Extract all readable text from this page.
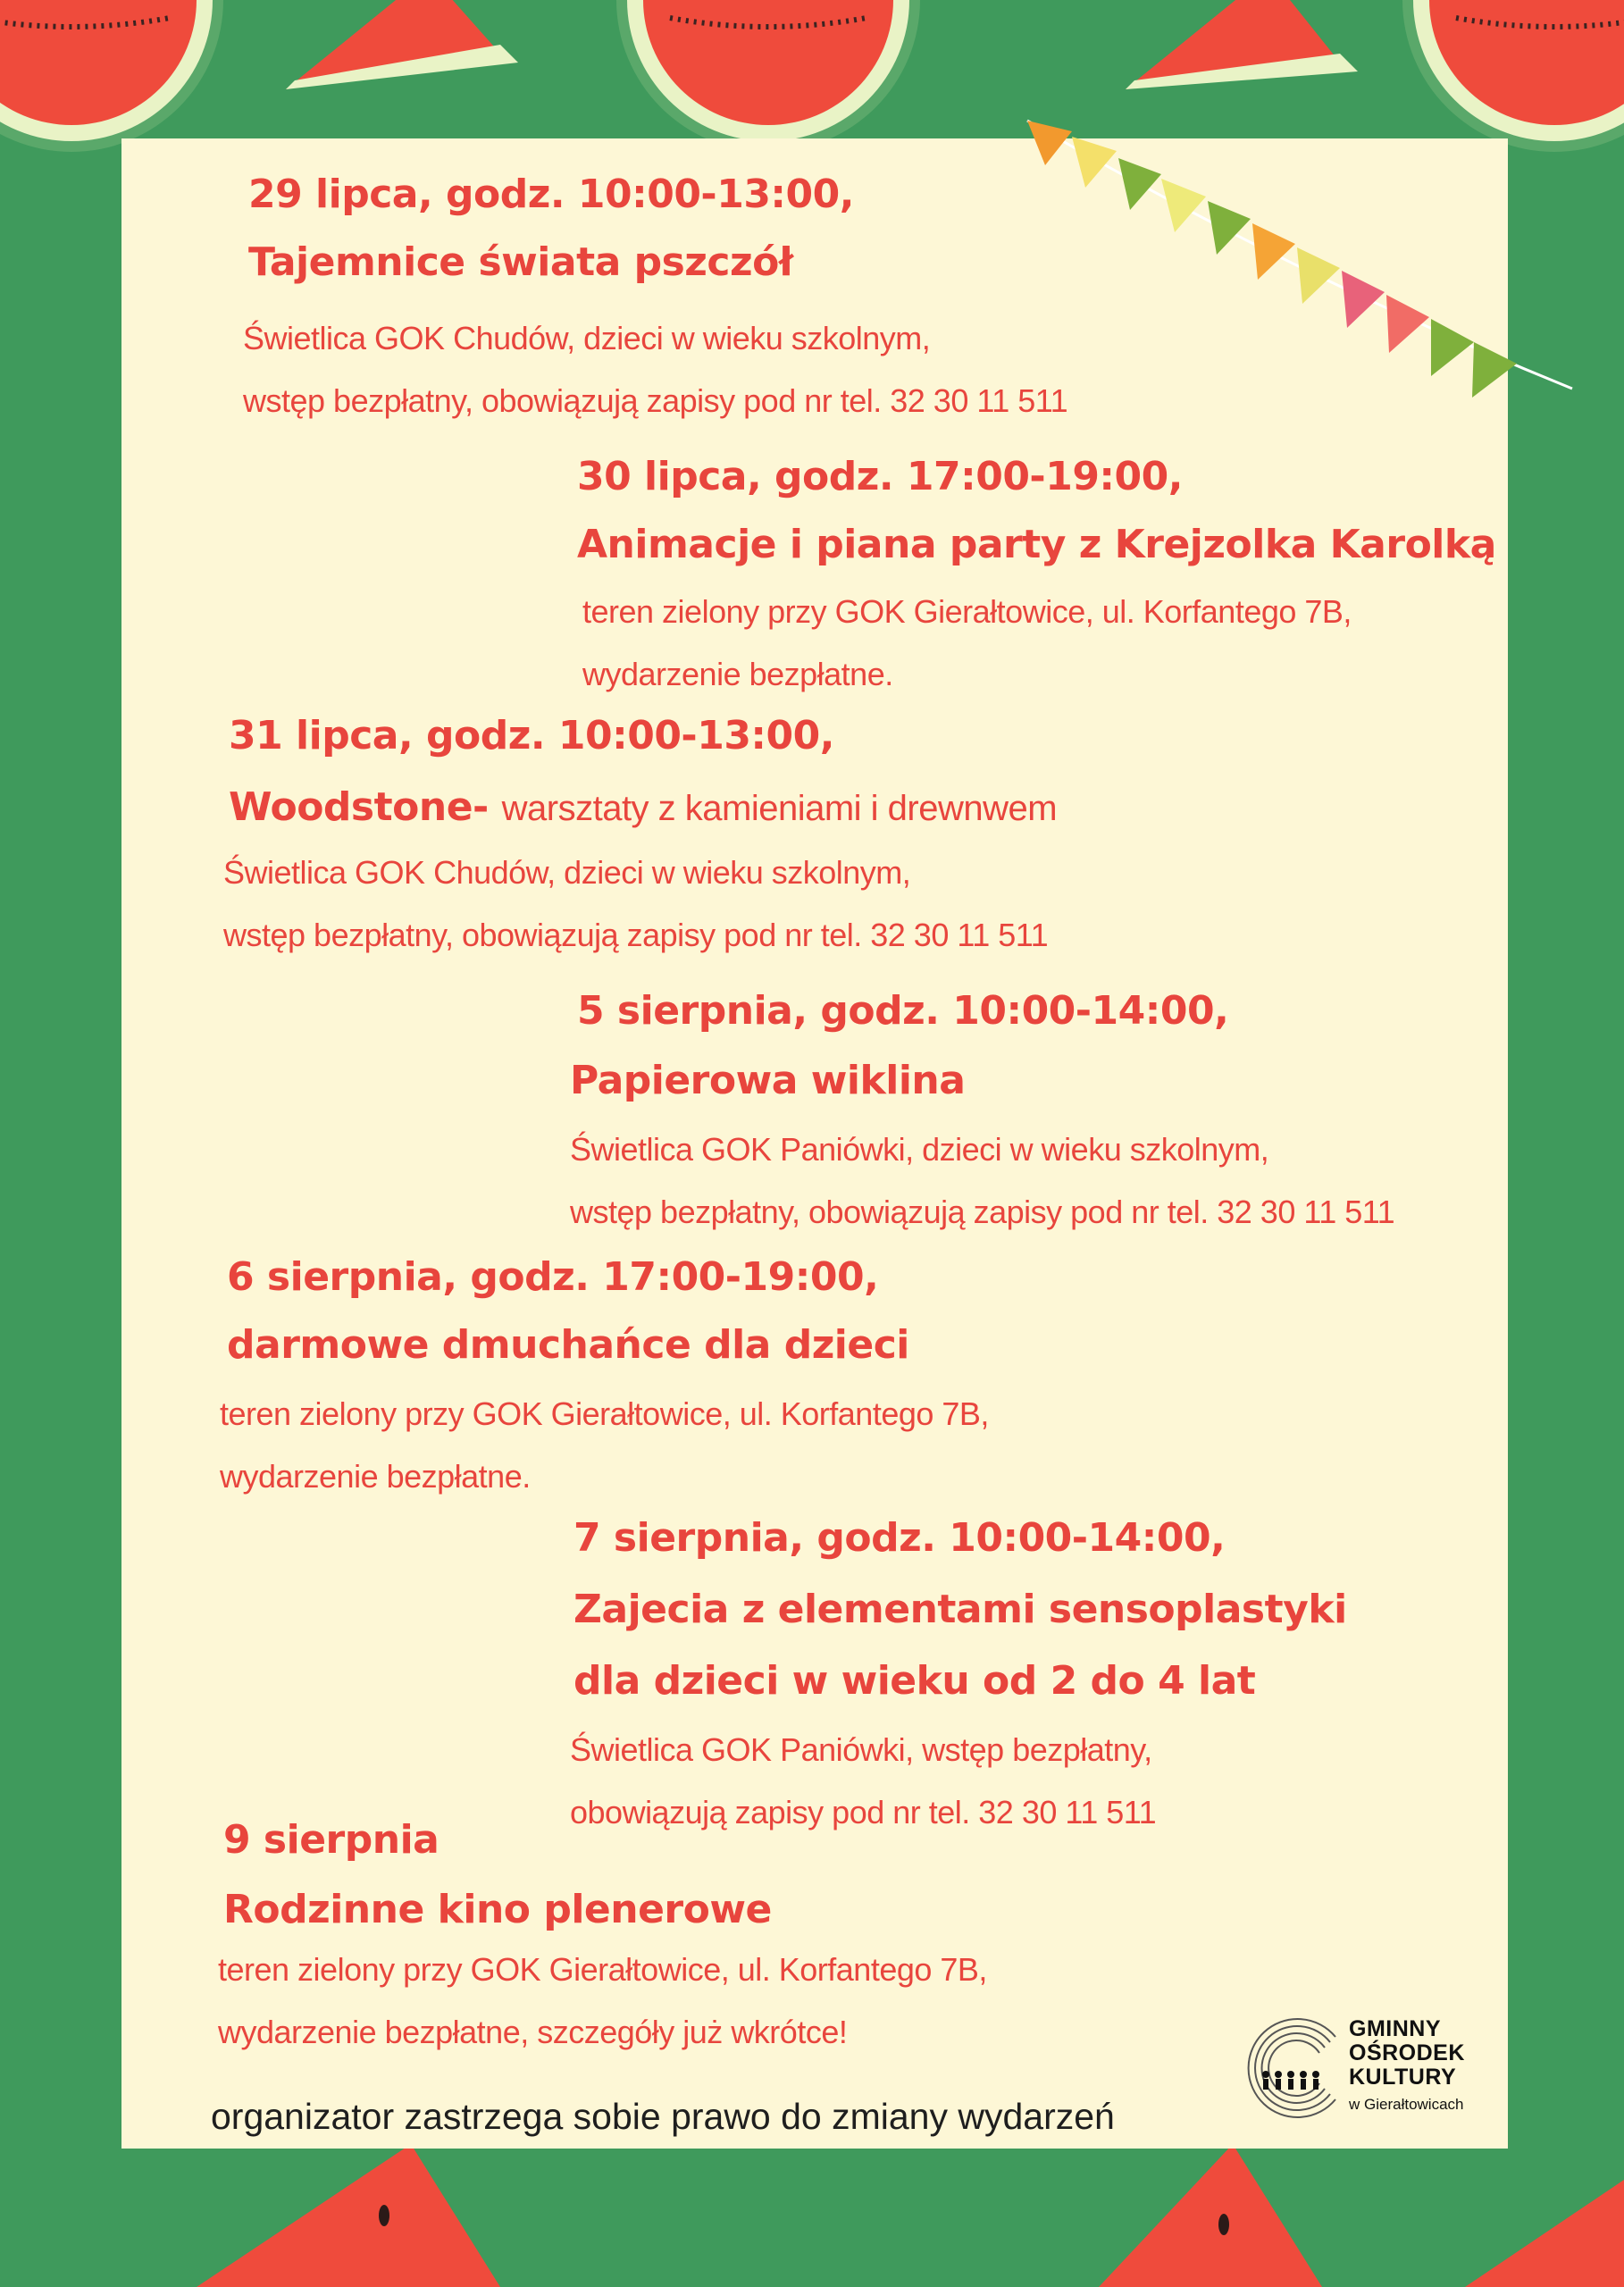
29 lipca, godz. 10:00-13:00,
Tajemnice świata pszczół
Świetlica GOK Chudów, dzieci w wieku szkolnym,
wstęp bezpłatny, obowiązują zapisy pod nr tel. 32 30 11 511
30 lipca, godz. 17:00-19:00,
Animacje i piana party z Krejzolka Karolką
teren zielony przy GOK Gierałtowice, ul. Korfantego 7B,
wydarzenie bezpłatne.
31 lipca, godz. 10:00-13:00,
Woodstone- warsztaty z kamieniami i drewnwem
Świetlica GOK Chudów, dzieci w wieku szkolnym,
wstęp bezpłatny, obowiązują zapisy pod nr tel. 32 30 11 511
5 sierpnia, godz. 10:00-14:00,
Papierowa wiklina
Świetlica GOK Paniówki, dzieci w wieku szkolnym,
wstęp bezpłatny, obowiązują zapisy pod nr tel. 32 30 11 511
6 sierpnia, godz. 17:00-19:00,
darmowe dmuchańce dla dzieci
teren zielony przy GOK Gierałtowice, ul. Korfantego 7B,
wydarzenie bezpłatne.
7 sierpnia, godz. 10:00-14:00,
Zajecia z elementami sensoplastyki
dla dzieci w wieku od 2 do 4 lat
Świetlica GOK Paniówki, wstęp bezpłatny,
obowiązują zapisy pod nr tel. 32 30 11 511
9 sierpnia
Rodzinne kino plenerowe
teren zielony przy GOK Gierałtowice, ul. Korfantego 7B,
wydarzenie bezpłatne, szczegóły już wkrótce!
organizator zastrzega sobie prawo do zmiany wydarzeń
GMINNY
OŚRODEK
KULTURY
w Gierałtowicach
